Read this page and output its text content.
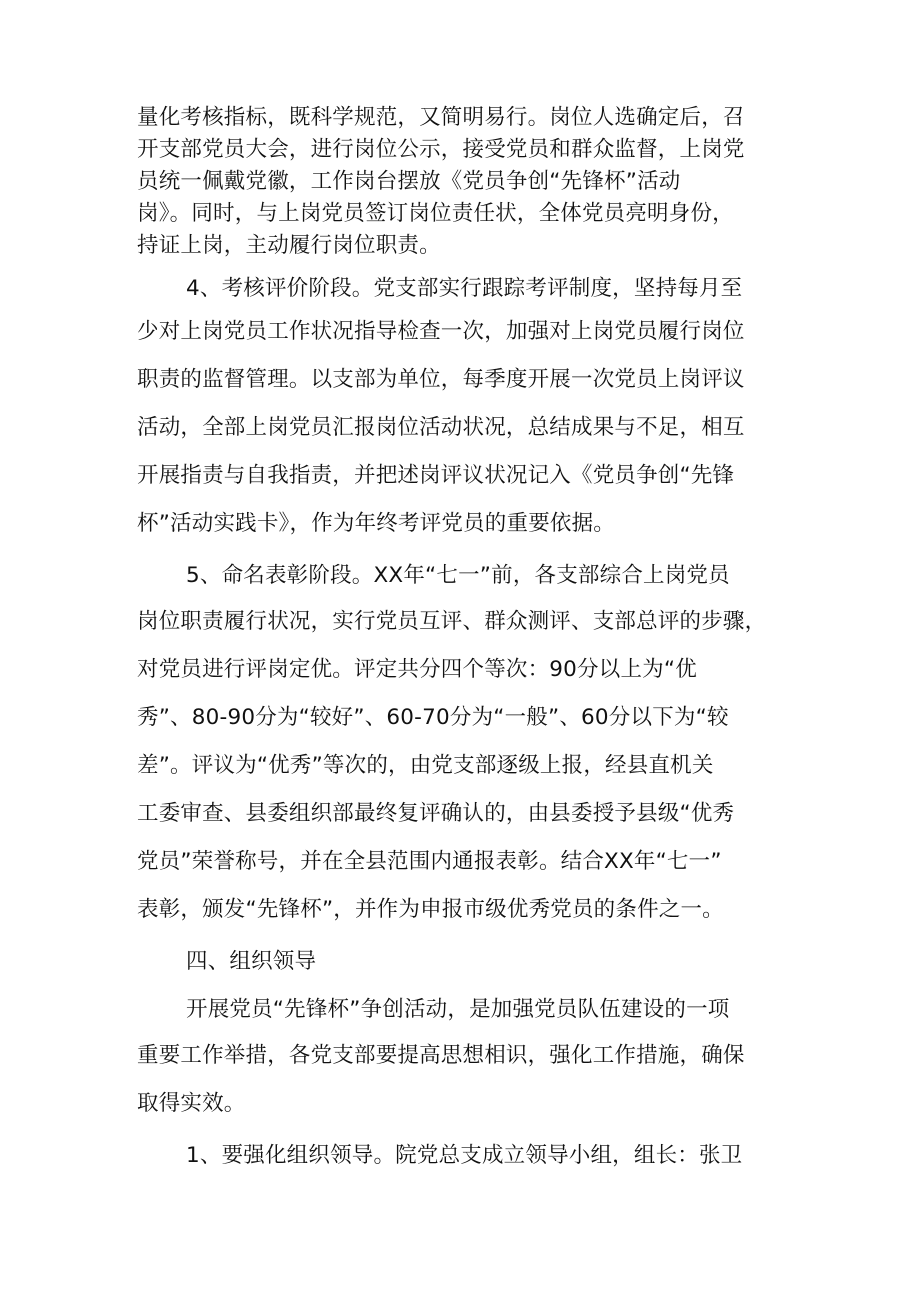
量化考核指标，既科学规范，又简明易行。岗位人选确定后，召
开支部党员大会，进行岗位公示，接受党员和群众监督，上岗党
员统一佩戴党徽，工作岗台摆放《党员争创“先锋杯”活动
岗》。同时，与上岗党员签订岗位责任状，全体党员亮明身份，
持证上岗，主动履行岗位职责。
4、考核评价阶段。党支部实行跟踪考评制度，坚持每月至
少对上岗党员工作状况指导检查一次，加强对上岗党员履行岗位
职责的监督管理。以支部为单位，每季度开展一次党员上岗评议
活动，全部上岗党员汇报岗位活动状况，总结成果与不足，相互
开展指责与自我指责，并把述岗评议状况记入《党员争创“先锋
杯”活动实践卡》，作为年终考评党员的重要依据。
5、命名表彰阶段。XX年“七一”前，各支部综合上岗党员
岗位职责履行状况，实行党员互评、群众测评、支部总评的步骤，
对党员进行评岗定优。评定共分四个等次：90分以上为“优
秀”、80-90分为“较好”、60-70分为“一般”、60分以下为“较
差”。评议为“优秀”等次的，由党支部逐级上报，经县直机关
工委审查、县委组织部最终复评确认的，由县委授予县级“优秀
党员”荣誉称号，并在全县范围内通报表彰。结合XX年“七一”
表彰，颁发“先锋杯”，并作为申报市级优秀党员的条件之一。
四、组织领导
开展党员“先锋杯”争创活动，是加强党员队伍建设的一项
重要工作举措，各党支部要提高思想相识，强化工作措施，确保
取得实效。
1、要强化组织领导。院党总支成立领导小组，组长：张卫
